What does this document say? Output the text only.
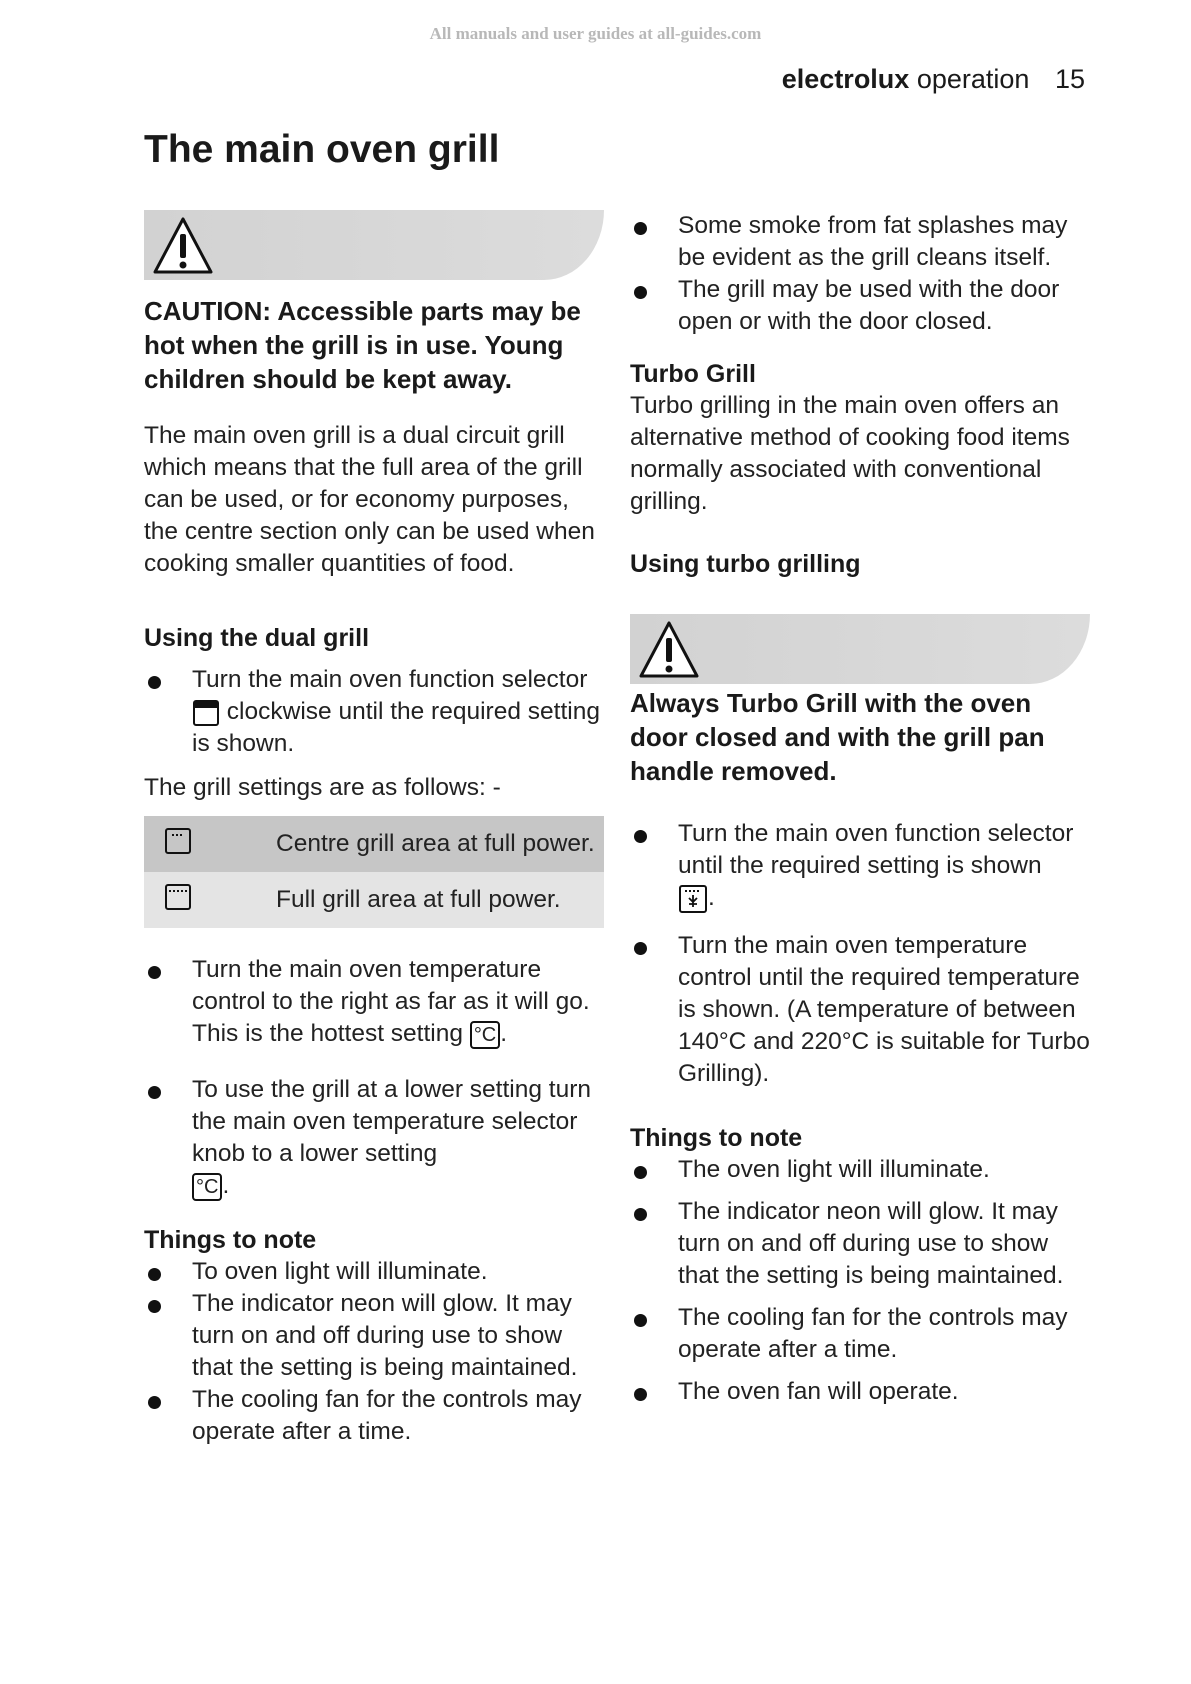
All manuals and user guides at all-guides.com
electrolux operation 15
The main oven grill

CAUTION: Accessible parts may be hot when the grill is in use. Young children should be kept away.

The main oven grill is a dual circuit grill which means that the full area of the grill can be used, or for economy purposes, the centre section only can be used when cooking smaller quantities of food.

Using the dual grill
Turn the main oven function selector
clockwise until the required setting is shown.

The grill settings are as follows: -

	Centre grill area at full power.
	Full grill area at full power.
Turn the main oven temperature control to the right as far as it will go. This is the hottest setting °C .
To use the grill at a lower setting turn the main oven temperature selector knob to a lower setting
°C .
Things to note
To oven light will illuminate.
The indicator neon will glow. It may turn on and off during use to show that the setting is being maintained.
The cooling fan for the controls may operate after a time.
Some smoke from fat splashes may be evident as the grill cleans itself.
The grill may be used with the door open or with the door closed.
Turbo Grill

Turbo grilling in the main oven offers an alternative method of cooking food items normally associated with conventional grilling.

Using turbo grilling

Always Turbo Grill with the oven door closed and with the grill pan handle removed.

Turn the main oven function selector until the required setting is shown
.
Turn the main oven temperature control until the required temperature is shown. (A temperature of between 140°C and 220°C is suitable for Turbo Grilling).
Things to note
The oven light will illuminate.
The indicator neon will glow. It may turn on and off during use to show that the setting is being maintained.
The cooling fan for the controls may operate after a time.
The oven fan will operate.
